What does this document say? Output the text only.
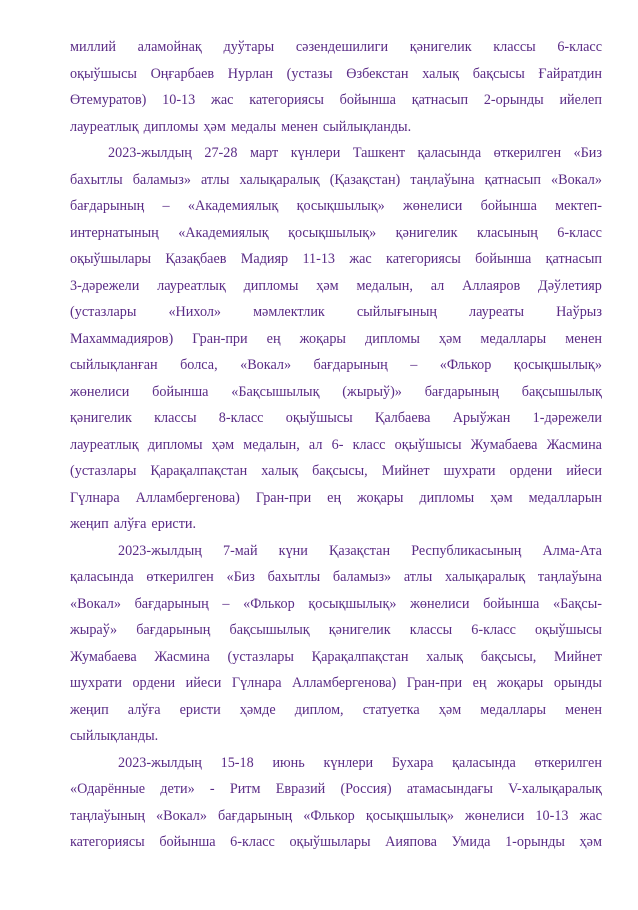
миллий аламойнақ дуўтары сәзендешилиги қәнигелик классы 6-класс
оқыўшысы Оңғарбаев Нурлан (устазы Өзбекстан халық бақсысы Ғайратдин
Өтемуратов) 10-13 жас категориясы бойынша қатнасып 2-орынды ийелеп
лауреатлық дипломы ҳәм медалы менен сыйлықланды.
2023-жылдың 27-28 март күнлери Ташкент қаласында өткерилген «Биз
бахытлы баламыз» атлы халықаралық (Қазақстан) таңлаўына қатнасып «Вокал»
бағдарының – «Академиялық қосықшылық» жөнелиси бойынша мектеп-
интернатының «Академиялық қосықшылық» қәнигелик класының 6-класс
оқыўшылары Қазақбаев Мадияр 11-13 жас категориясы бойынша қатнасып
3-дәрежели лауреатлық дипломы ҳәм медалын, ал Аллаяров Дәўлетияр
(устазлары «Нихол» мәмлектлик сыйлығының лауреаты Наўрыз
Махаммадияров) Гран-при ең жоқары дипломы ҳәм медаллары менен
сыйлықланған болса, «Вокал» бағдарының – «Флькор қосықшылық»
жөнелиси бойынша «Бақсышылық (жырыў)» бағдарының бақсышылық
қәнигелик классы 8-класс оқыўшысы Қалбаева Арыўжан 1-дәрежели
лауреатлық дипломы ҳәм медалын, ал 6- класс оқыўшысы Жумабаева Жасмина
(устазлары Қарақалпақстан халық бақсысы, Мийнет шухрати ордени ийеси
Гүлнара Алламбергенова) Гран-при ең жоқары дипломы ҳәм медалларын
жеңип алўға еристи.
2023-жылдың 7-май күни Қазақстан Республикасының Алма-Ата
қаласында өткерилген «Биз бахытлы баламыз» атлы халықаралық таңлаўына
«Вокал» бағдарының – «Флькор қосықшылық» жөнелиси бойынша «Бақсы-
жыраў» бағдарының бақсышылық қәнигелик классы 6-класс оқыўшысы
Жумабаева Жасмина (устазлары Қарақалпақстан халық бақсысы, Мийнет
шухрати ордени ийеси Гүлнара Алламбергенова) Гран-при ең жоқары орынды
жеңип алўға еристи ҳәмде диплом, статуетка ҳәм медаллары менен
сыйлықланды.
2023-жылдың 15-18 июнь күнлери Бухара қаласында өткерилген
«Одарённые дети» - Ритм Евразий (Россия) атамасындағы V-халықаралық
таңлаўының «Вокал» бағдарының «Флькор қосықшылық» жөнелиси 10-13 жас
категориясы бойынша 6-класс оқыўшылары Аияпова Умида 1-орынды ҳәм
